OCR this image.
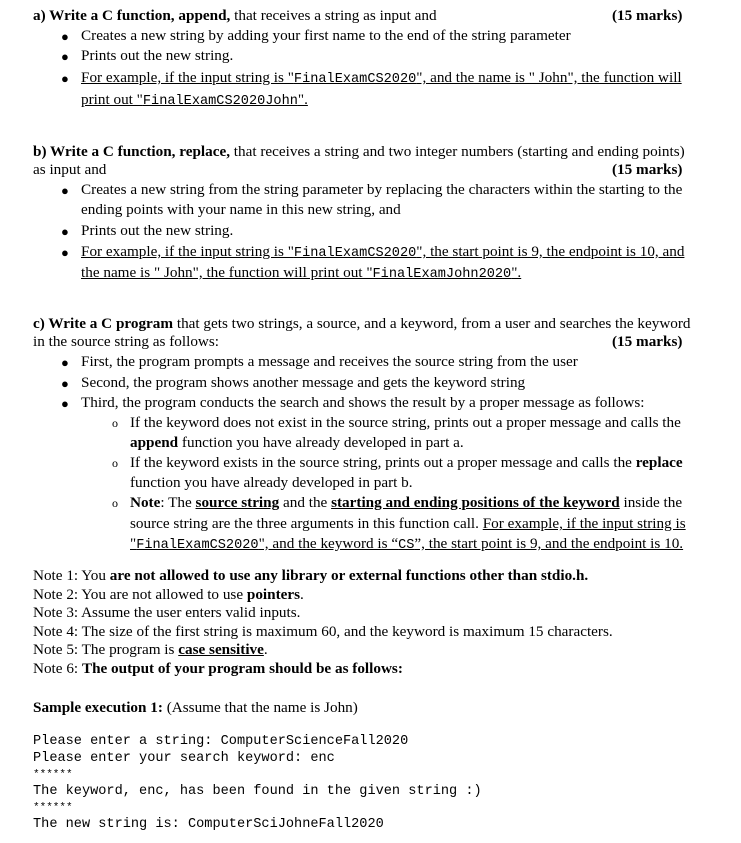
a) Write a C function, append, that receives a string as input and	(15 marks)
● Creates a new string by adding your first name to the end of the string parameter
● Prints out the new string.
● For example, if the input string is "FinalExamCS2020", and the name is " John", the function will
print out "FinalExamCS2020John".
b) Write a C function, replace, that receives a string and two integer numbers (starting and ending points)
as input and	(15 marks)
● Creates a new string from the string parameter by replacing the characters within the starting to the
ending points with your name in this new string, and
● Prints out the new string.
● For example, if the input string is "FinalExamCS2020", the start point is 9, the endpoint is 10, and
the name is " John", the function will print out "FinalExamJohn2020".
c) Write a C program that gets two strings, a source, and a keyword, from a user and searches the keyword
in the source string as follows:	(15 marks)
● First, the program prompts a message and receives the source string from the user
● Second, the program shows another message and gets the keyword string
● Third, the program conducts the search and shows the result by a proper message as follows:
o If the keyword does not exist in the source string, prints out a proper message and calls the
append function you have already developed in part a.
o If the keyword exists in the source string, prints out a proper message and calls the replace
function you have already developed in part b.
o Note: The source string and the starting and ending positions of the keyword inside the
source string are the three arguments in this function call. For example, if the input string is
"FinalExamCS2020", and the keyword is “CS”, the start point is 9, and the endpoint is 10.
Note 1: You are not allowed to use any library or external functions other than stdio.h.
Note 2: You are not allowed to use pointers.
Note 3: Assume the user enters valid inputs.
Note 4: The size of the first string is maximum 60, and the keyword is maximum 15 characters.
Note 5: The program is case sensitive.
Note 6: The output of your program should be as follows:
Sample execution 1: (Assume that the name is John)
Please enter a string: ComputerScienceFall2020
Please enter your search keyword: enc
******
The keyword, enc, has been found in the given string :)
******
The new string is: ComputerSciJohneFall2020
